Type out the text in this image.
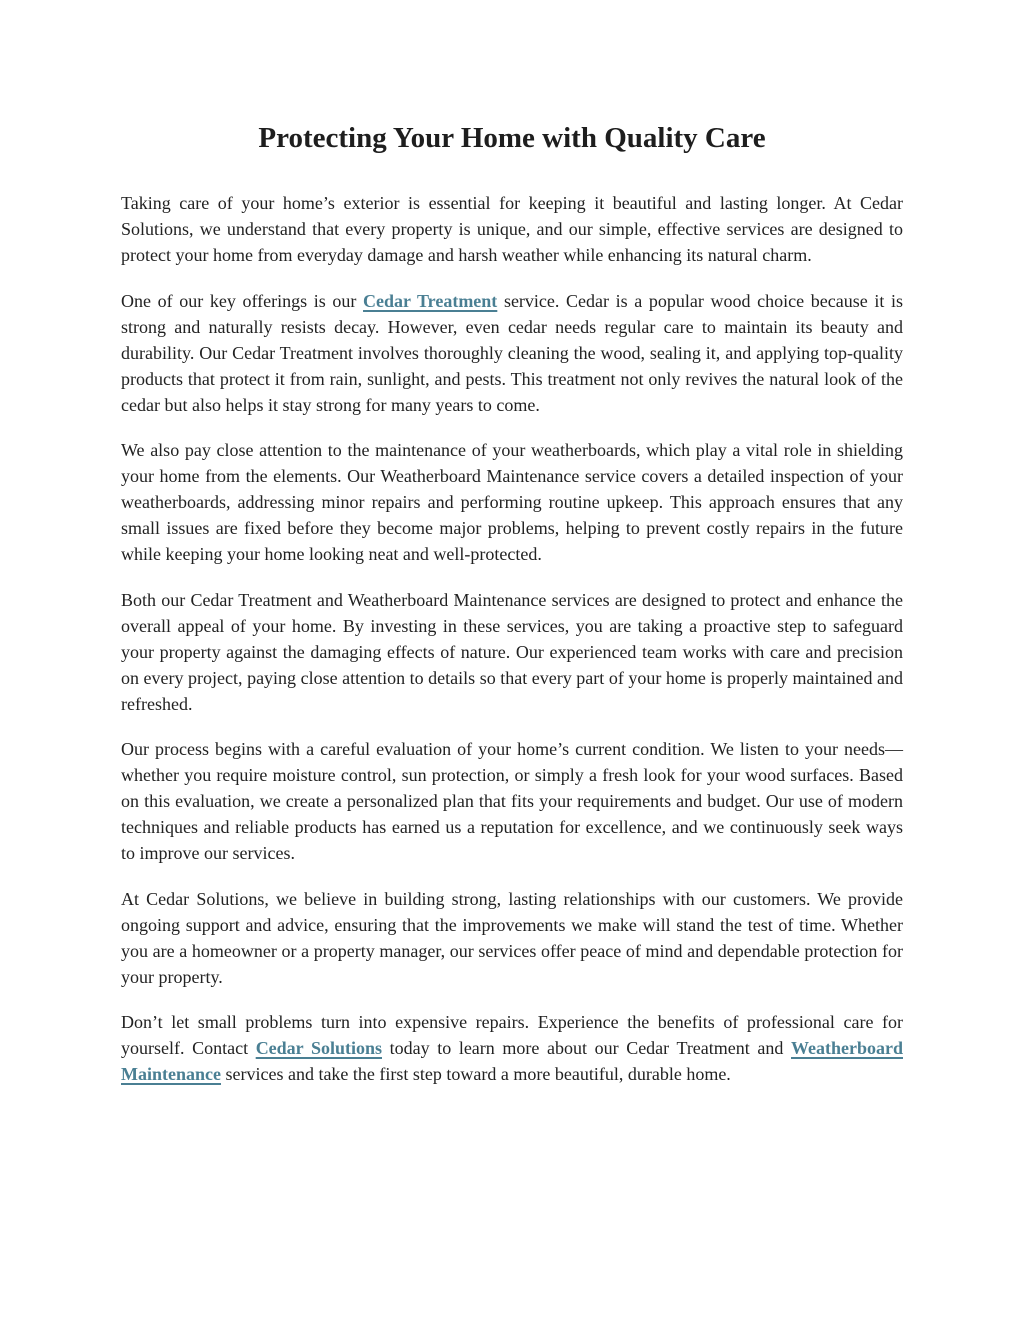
Protecting Your Home with Quality Care

Taking care of your home’s exterior is essential for keeping it beautiful and lasting longer. At Cedar Solutions, we understand that every property is unique, and our simple, effective services are designed to protect your home from everyday damage and harsh weather while enhancing its natural charm.

One of our key offerings is our Cedar Treatment service. Cedar is a popular wood choice because it is strong and naturally resists decay. However, even cedar needs regular care to maintain its beauty and durability. Our Cedar Treatment involves thoroughly cleaning the wood, sealing it, and applying top-quality products that protect it from rain, sunlight, and pests. This treatment not only revives the natural look of the cedar but also helps it stay strong for many years to come.

We also pay close attention to the maintenance of your weatherboards, which play a vital role in shielding your home from the elements. Our Weatherboard Maintenance service covers a detailed inspection of your weatherboards, addressing minor repairs and performing routine upkeep. This approach ensures that any small issues are fixed before they become major problems, helping to prevent costly repairs in the future while keeping your home looking neat and well-protected.

Both our Cedar Treatment and Weatherboard Maintenance services are designed to protect and enhance the overall appeal of your home. By investing in these services, you are taking a proactive step to safeguard your property against the damaging effects of nature. Our experienced team works with care and precision on every project, paying close attention to details so that every part of your home is properly maintained and refreshed.

Our process begins with a careful evaluation of your home’s current condition. We listen to your needs—whether you require moisture control, sun protection, or simply a fresh look for your wood surfaces. Based on this evaluation, we create a personalized plan that fits your requirements and budget. Our use of modern techniques and reliable products has earned us a reputation for excellence, and we continuously seek ways to improve our services.

At Cedar Solutions, we believe in building strong, lasting relationships with our customers. We provide ongoing support and advice, ensuring that the improvements we make will stand the test of time. Whether you are a homeowner or a property manager, our services offer peace of mind and dependable protection for your property.

Don’t let small problems turn into expensive repairs. Experience the benefits of professional care for yourself. Contact Cedar Solutions today to learn more about our Cedar Treatment and Weatherboard Maintenance services and take the first step toward a more beautiful, durable home.
